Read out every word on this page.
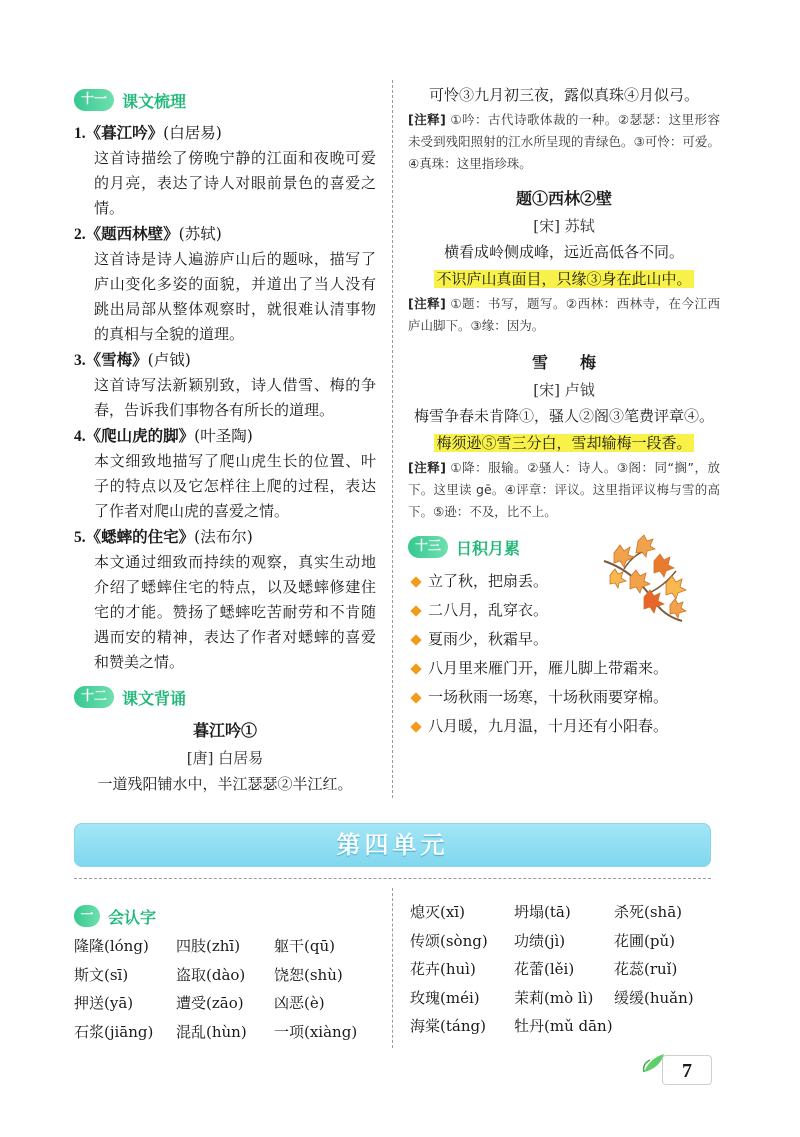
十一 课文梳理
1.《暮江吟》(白居易)
这首诗描绘了傍晚宁静的江面和夜晚可爱的月亮，表达了诗人对眼前景色的喜爱之情。
2.《题西林壁》(苏轼)
这首诗是诗人遍游庐山后的题咏，描写了庐山变化多姿的面貌，并道出了当人没有跳出局部从整体观察时，就很难认清事物的真相与全貌的道理。
3.《雪梅》(卢钺)
这首诗写法新颖别致，诗人借雪、梅的争春，告诉我们事物各有所长的道理。
4.《爬山虎的脚》(叶圣陶)
本文细致地描写了爬山虎生长的位置、叶子的特点以及它怎样往上爬的过程，表达了作者对爬山虎的喜爱之情。
5.《蟋蟀的住宅》(法布尔)
本文通过细致而持续的观察，真实生动地介绍了蟋蟀住宅的特点，以及蟋蟀修建住宅的才能。赞扬了蟋蟀吃苦耐劳和不肯随遇而安的精神，表达了作者对蟋蟀的喜爱和赞美之情。
十二 课文背诵
暮江吟①
[唐] 白居易
一道残阳铺水中，半江瑟瑟②半江红。
可怜③九月初三夜，露似真珠④月似弓。
[注释] ①吟：古代诗歌体裁的一种。②瑟瑟：这里形容未受到残阳照射的江水所呈现的青绿色。③可怜：可爱。④真珠：这里指珍珠。
题①西林②壁
[宋] 苏轼
横看成岭侧成峰，远近高低各不同。
不识庐山真面目，只缘③身在此山中。
[注释] ①题：书写，题写。②西林：西林寺，在今江西庐山脚下。③缘：因为。
雪　　梅
[宋] 卢钺
梅雪争春未肯降①，骚人②阁③笔费评章④。
梅须逊⑤雪三分白，雪却输梅一段香。
[注释] ①降：服输。②骚人：诗人。③阁：同“搁”，放下。这里读 gē。④评章：评议。这里指评议梅与雪的高下。⑤逊：不及，比不上。
十三 日积月累
立了秋，把扇丢。
二八月，乱穿衣。
夏雨少，秋霜早。
八月里来雁门开，雁儿脚上带霜来。
一场秋雨一场寒，十场秋雨要穿棉。
八月暖，九月温，十月还有小阳春。
第四单元
一 会认字
隆隆(lóng)	四肢(zhī)	躯干(qū)
斯文(sī)	盗取(dào)	饶恕(shù)
押送(yā)	遭受(zāo)	凶恶(è)
石浆(jiāng)	混乱(hùn)	一项(xiàng)
熄灭(xī)	坍塌(tā)	杀死(shā)
传颂(sòng)	功绩(jì)	花圃(pǔ)
花卉(huì)	花蕾(lěi)	花蕊(ruǐ)
玫瑰(méi)	茉莉(mò lì)	缓缓(huǎn)
海棠(táng)	牡丹(mǔ dān)
7
